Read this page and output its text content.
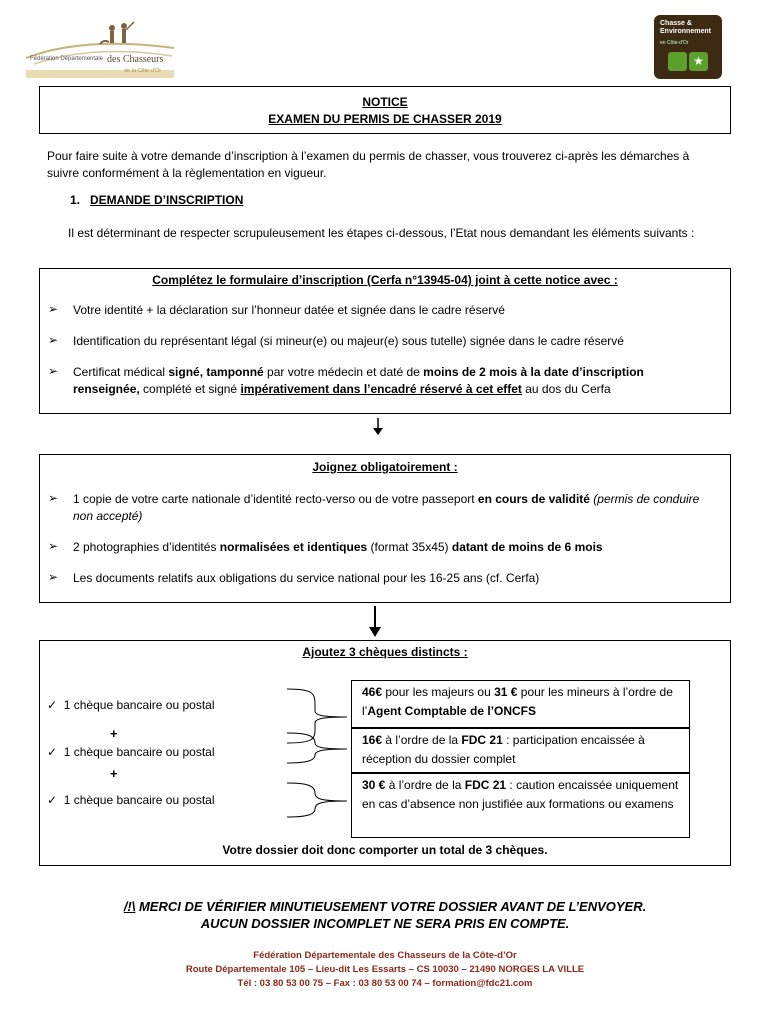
Fédération Départementale des Chasseurs
de la Côte-d'Or
Chasse &
Environnement
en Côte-d'Or
★
NOTICE
EXAMEN DU PERMIS DE CHASSER 2019
Pour faire suite à votre demande d’inscription à l’examen du permis de chasser, vous trouverez ci-après les démarches à suivre conformément à la règlementation en vigueur.
1. DEMANDE D’INSCRIPTION
Il est déterminant de respecter scrupuleusement les étapes ci-dessous, l’Etat nous demandant les éléments suivants :
Complétez le formulaire d’inscription (Cerfa n°13945-04) joint à cette notice avec :
➢ Votre identité + la déclaration sur l’honneur datée et signée dans le cadre réservé
➢ Identification du représentant légal (si mineur(e) ou majeur(e) sous tutelle) signée dans le cadre réservé
➢ Certificat médical signé, tamponné par votre médecin et daté de moins de 2 mois à la date d’inscription renseignée, complété et signé impérativement dans l’encadré réservé à cet effet au dos du Cerfa
Joignez obligatoirement :
➢ 1 copie de votre carte nationale d’identité recto-verso ou de votre passeport en cours de validité (permis de conduire non accepté)
➢ 2 photographies d’identités normalisées et identiques (format 35x45) datant de moins de 6 mois
➢ Les documents relatifs aux obligations du service national pour les 16-25 ans (cf. Cerfa)
Ajoutez 3 chèques distincts :
✓  1 chèque bancaire ou postal
+
✓  1 chèque bancaire ou postal
+
✓  1 chèque bancaire ou postal
46€ pour les majeurs ou 31 € pour les mineurs à l’ordre de l’Agent Comptable de l’ONCFS
16€ à l’ordre de la FDC 21 : participation encaissée à réception du dossier complet
30 € à l’ordre de la FDC 21 : caution encaissée uniquement en cas d’absence non justifiée aux formations ou examens
Votre dossier doit donc comporter un total de 3 chèques.
/!\ MERCI DE VÉRIFIER MINUTIEUSEMENT VOTRE DOSSIER AVANT DE L’ENVOYER.
AUCUN DOSSIER INCOMPLET NE SERA PRIS EN COMPTE.
Fédération Départementale des Chasseurs de la Côte-d’Or
Route Départementale 105 – Lieu-dit Les Essarts – CS 10030 – 21490 NORGES LA VILLE
Tél : 03 80 53 00 75 – Fax : 03 80 53 00 74 – formation@fdc21.com
